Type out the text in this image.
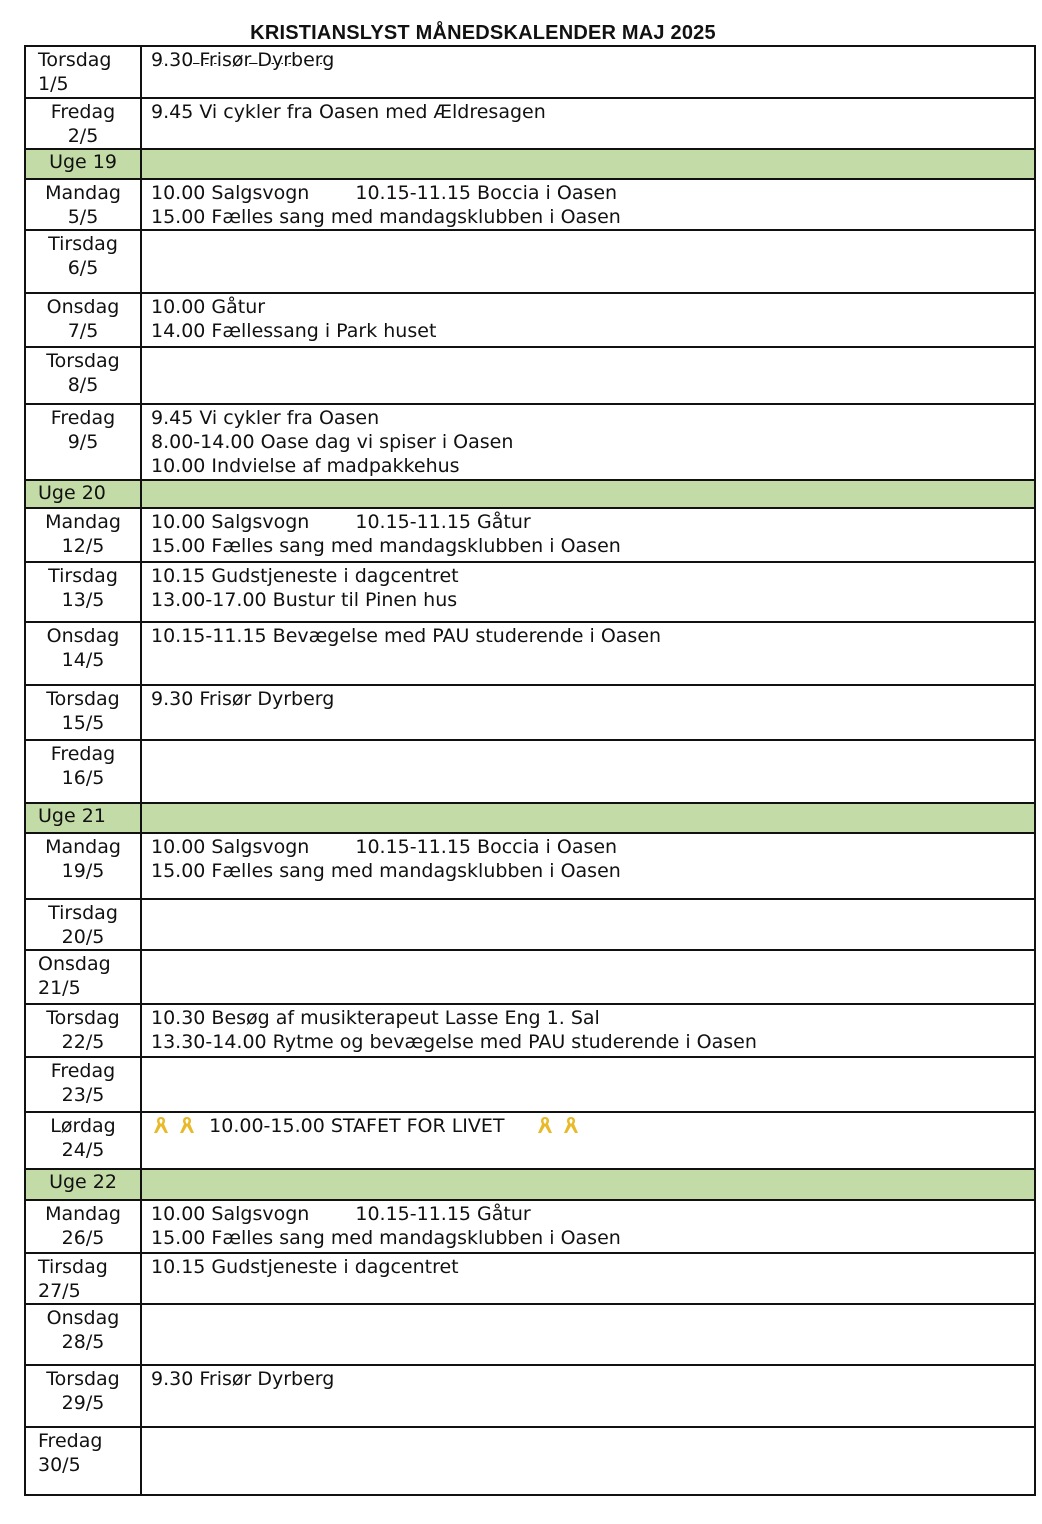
KRISTIANSLYST MÅNEDSKALENDER MAJ 2025
Torsdag
1/5	9.30 Frisør Dyrberg

Fredag
2/5	9.45 Vi cykler fra Oasen med Ældresagen

Uge 19	

Mandag
5/5	10.00 Salgsvogn 10.15-11.15 Boccia i Oasen
15.00 Fælles sang med mandagsklubben i Oasen

Tirsdag
6/5	

Onsdag
7/5	10.00 Gåtur
14.00 Fællessang i Park huset

Torsdag
8/5	

Fredag
9/5	9.45 Vi cykler fra Oasen
8.00-14.00 Oase dag vi spiser i Oasen
10.00 Indvielse af madpakkehus

Uge 20	

Mandag
12/5	10.00 Salgsvogn 10.15-11.15 Gåtur
15.00 Fælles sang med mandagsklubben i Oasen

Tirsdag
13/5	10.15 Gudstjeneste i dagcentret
13.00-17.00 Bustur til Pinen hus

Onsdag
14/5	10.15-11.15 Bevægelse med PAU studerende i Oasen

Torsdag
15/5	9.30 Frisør Dyrberg

Fredag
16/5	

Uge 21	

Mandag
19/5	10.00 Salgsvogn 10.15-11.15 Boccia i Oasen
15.00 Fælles sang med mandagsklubben i Oasen

Tirsdag
20/5	

Onsdag
21/5	

Torsdag
22/5	10.30 Besøg af musikterapeut Lasse Eng 1. Sal
13.30-14.00 Rytme og bevægelse med PAU studerende i Oasen

Fredag
23/5	

Lørdag
24/5	10.00-15.00 STAFET FOR LIVET

Uge 22	

Mandag
26/5	10.00 Salgsvogn 10.15-11.15 Gåtur
15.00 Fælles sang med mandagsklubben i Oasen

Tirsdag
27/5	10.15 Gudstjeneste i dagcentret

Onsdag
28/5	

Torsdag
29/5	9.30 Frisør Dyrberg

Fredag
30/5	
